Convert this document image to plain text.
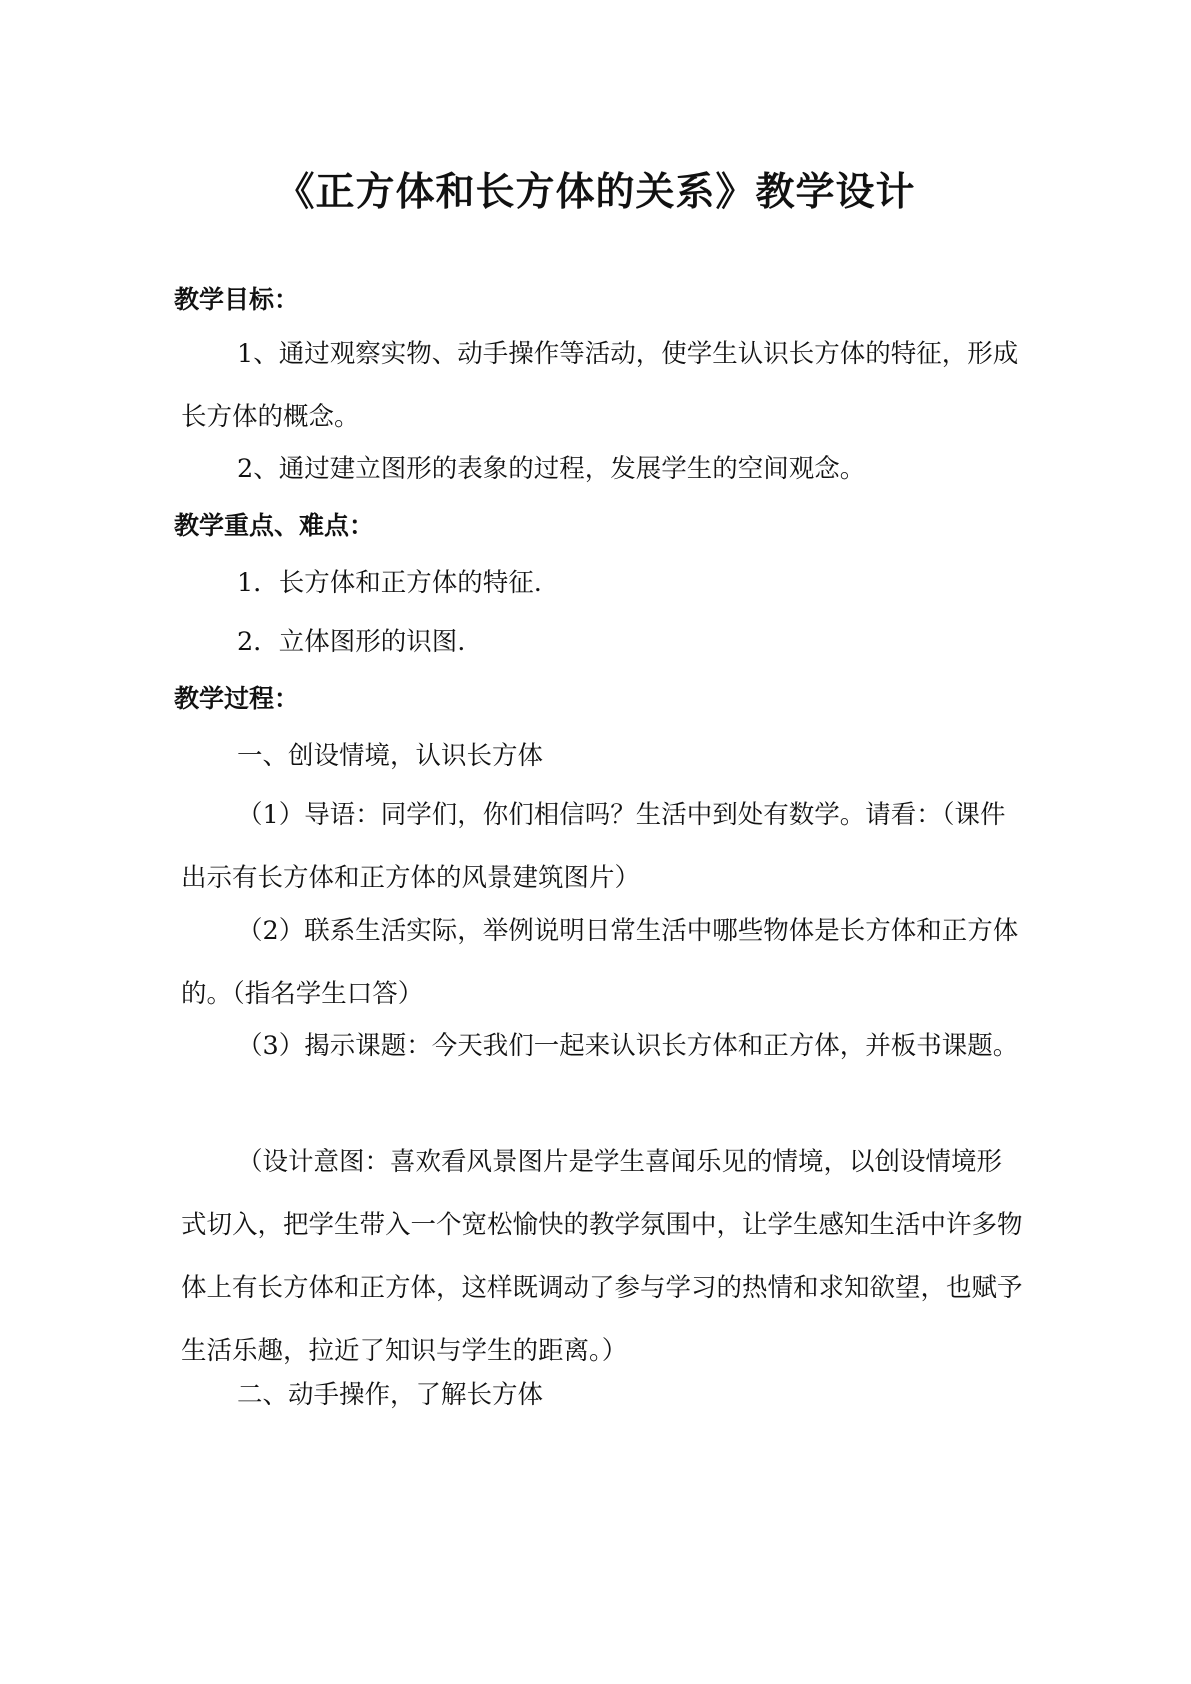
《正方体和长方体的关系》教学设计
教学目标：

1、通过观察实物、动手操作等活动，使学生认识长方体的特征，形成长方体的概念。

2、通过建立图形的表象的过程，发展学生的空间观念。

教学重点、难点：

1．长方体和正方体的特征.

2．立体图形的识图.

教学过程：

一、创设情境，认识长方体

（1）导语：同学们，你们相信吗？生活中到处有数学。请看：（课件出示有长方体和正方体的风景建筑图片）

（2）联系生活实际，举例说明日常生活中哪些物体是长方体和正方体的。（指名学生口答）

（3）揭示课题：今天我们一起来认识长方体和正方体，并板书课题。

（设计意图：喜欢看风景图片是学生喜闻乐见的情境，以创设情境形式切入，把学生带入一个宽松愉快的教学氛围中，让学生感知生活中许多物体上有长方体和正方体，这样既调动了参与学习的热情和求知欲望，也赋予生活乐趣，拉近了知识与学生的距离。）

二、动手操作，了解长方体
